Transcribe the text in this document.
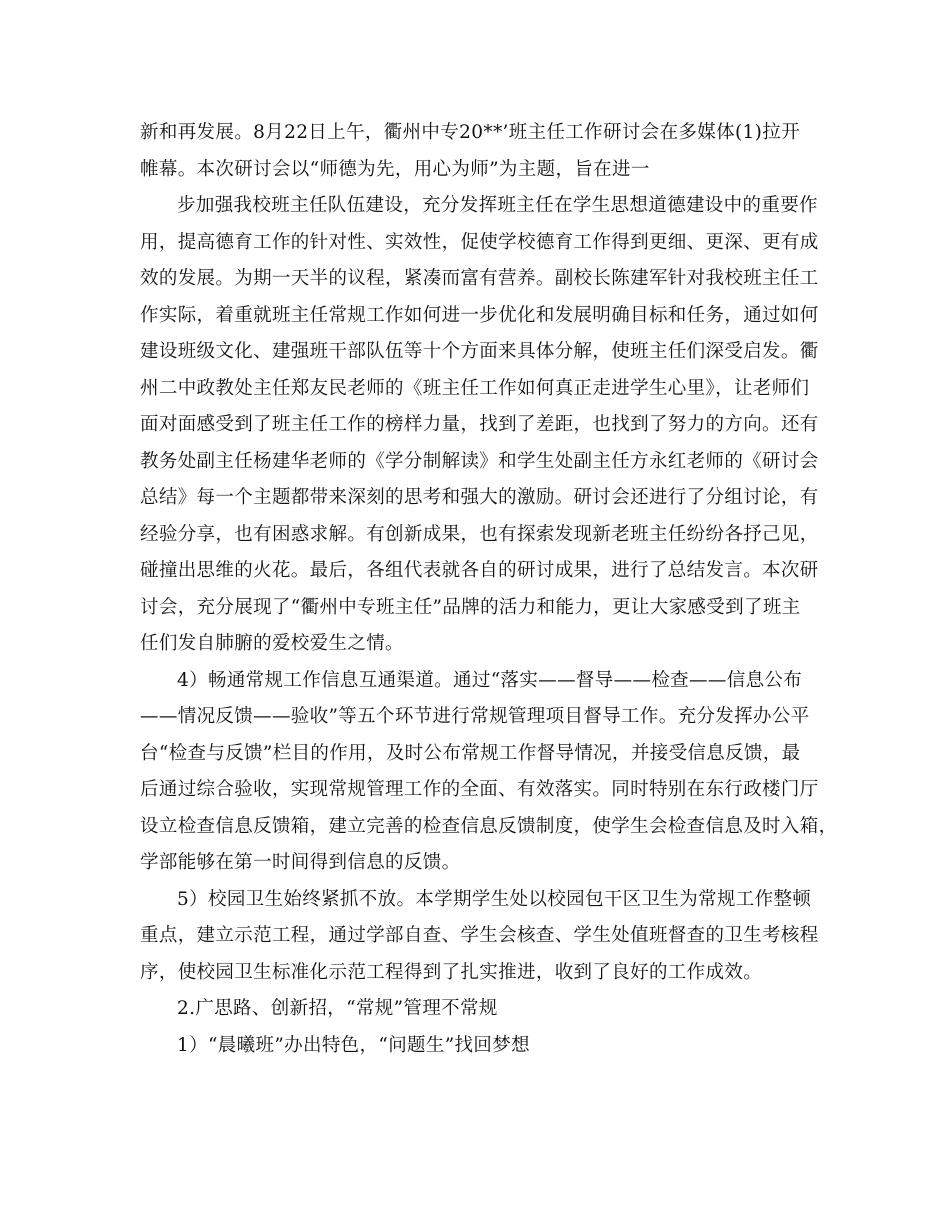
新和再发展。8月22日上午，衢州中专20**’班主任工作研讨会在多媒体(1)拉开
帷幕。本次研讨会以“师德为先，用心为师”为主题，旨在进一
步加强我校班主任队伍建设，充分发挥班主任在学生思想道德建设中的重要作
用，提高德育工作的针对性、实效性，促使学校德育工作得到更细、更深、更有成
效的发展。为期一天半的议程，紧凑而富有营养。副校长陈建军针对我校班主任工
作实际，着重就班主任常规工作如何进一步优化和发展明确目标和任务，通过如何
建设班级文化、建强班干部队伍等十个方面来具体分解，使班主任们深受启发。衢
州二中政教处主任郑友民老师的《班主任工作如何真正走进学生心里》，让老师们
面对面感受到了班主任工作的榜样力量，找到了差距，也找到了努力的方向。还有
教务处副主任杨建华老师的《学分制解读》和学生处副主任方永红老师的《研讨会
总结》每一个主题都带来深刻的思考和强大的激励。研讨会还进行了分组讨论，有
经验分享，也有困惑求解。有创新成果，也有探索发现新老班主任纷纷各抒己见，
碰撞出思维的火花。最后，各组代表就各自的研讨成果，进行了总结发言。本次研
讨会，充分展现了“衢州中专班主任”品牌的活力和能力，更让大家感受到了班主
任们发自肺腑的爱校爱生之情。
4）畅通常规工作信息互通渠道。通过“落实——督导——检查——信息公布
——情况反馈——验收”等五个环节进行常规管理项目督导工作。充分发挥办公平
台“检查与反馈”栏目的作用，及时公布常规工作督导情况，并接受信息反馈，最
后通过综合验收，实现常规管理工作的全面、有效落实。同时特别在东行政楼门厅
设立检查信息反馈箱，建立完善的检查信息反馈制度，使学生会检查信息及时入箱，
学部能够在第一时间得到信息的反馈。
5）校园卫生始终紧抓不放。本学期学生处以校园包干区卫生为常规工作整顿
重点，建立示范工程，通过学部自查、学生会核查、学生处值班督查的卫生考核程
序，使校园卫生标准化示范工程得到了扎实推进，收到了良好的工作成效。
2.广思路、创新招，“常规”管理不常规
1）“晨曦班”办出特色，“问题生”找回梦想
